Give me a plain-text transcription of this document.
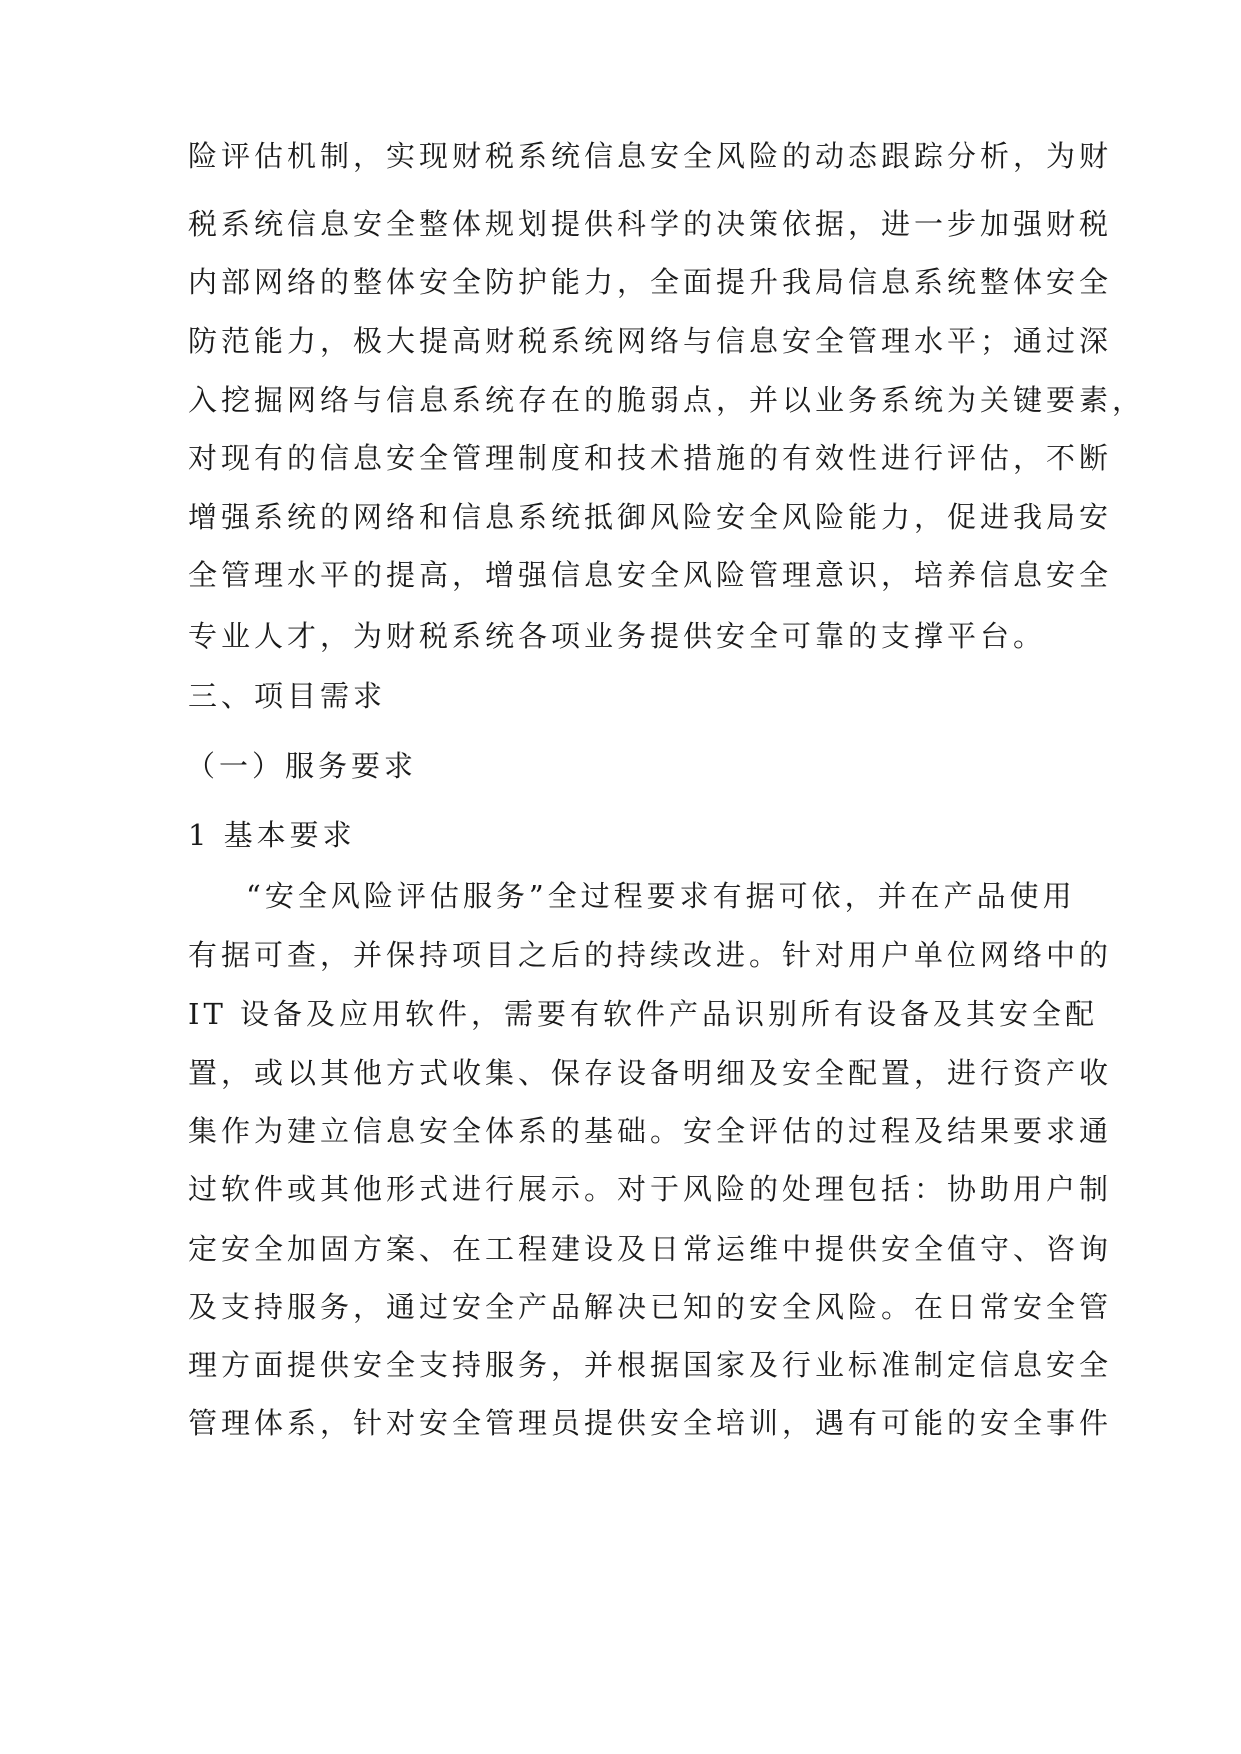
险评估机制，实现财税系统信息安全风险的动态跟踪分析，为财
税系统信息安全整体规划提供科学的决策依据，进一步加强财税
内部网络的整体安全防护能力，全面提升我局信息系统整体安全
防范能力，极大提高财税系统网络与信息安全管理水平；通过深
入挖掘网络与信息系统存在的脆弱点，并以业务系统为关键要素，
对现有的信息安全管理制度和技术措施的有效性进行评估，不断
增强系统的网络和信息系统抵御风险安全风险能力，促进我局安
全管理水平的提高，增强信息安全风险管理意识，培养信息安全
专业人才，为财税系统各项业务提供安全可靠的支撑平台。
三、项目需求
（一）服务要求
1 基本要求
“安全风险评估服务”全过程要求有据可依，并在产品使用
有据可查，并保持项目之后的持续改进。针对用户单位网络中的
IT 设备及应用软件，需要有软件产品识别所有设备及其安全配
置，或以其他方式收集、保存设备明细及安全配置，进行资产收
集作为建立信息安全体系的基础。安全评估的过程及结果要求通
过软件或其他形式进行展示。对于风险的处理包括：协助用户制
定安全加固方案、在工程建设及日常运维中提供安全值守、咨询
及支持服务，通过安全产品解决已知的安全风险。在日常安全管
理方面提供安全支持服务，并根据国家及行业标准制定信息安全
管理体系，针对安全管理员提供安全培训，遇有可能的安全事件
